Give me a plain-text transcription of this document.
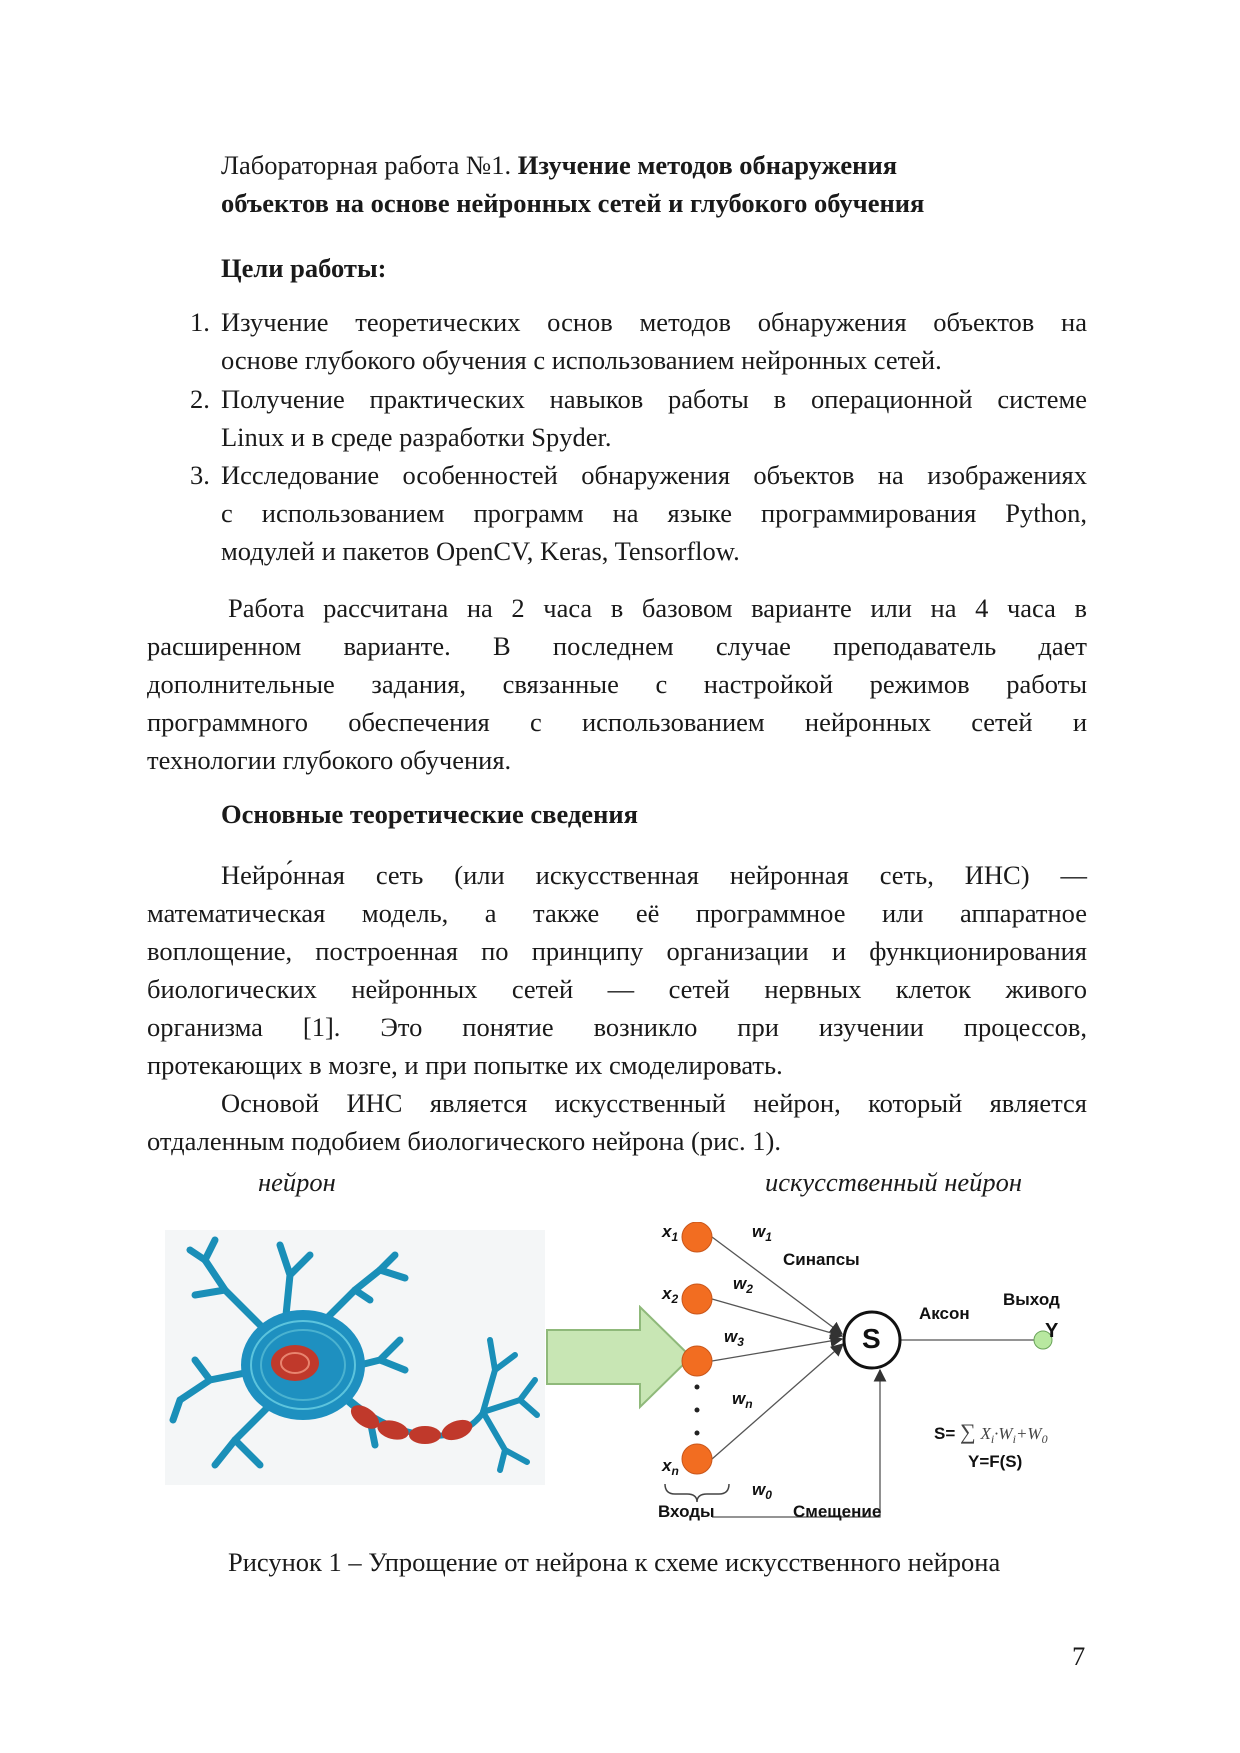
Лабораторная работа №1. Изучение методов обнаружения
объектов на основе нейронных сетей и глубокого обучения
Цели работы:
1. Изучение теоретических основ методов обнаружения объектов на
основе глубокого обучения с использованием нейронных сетей.
2. Получение практических навыков работы в операционной системе
Linux и в среде разработки Spyder.
3. Исследование особенностей обнаружения объектов на изображениях
с использованием программ на языке программирования Python,
модулей и пакетов OpenCV, Keras, Tensorflow.
Работа рассчитана на 2 часа в базовом варианте или на 4 часа в
расширенном варианте. В последнем случае преподаватель дает
дополнительные задания, связанные с настройкой режимов работы
программного обеспечения с использованием нейронных сетей и
технологии глубокого обучения.
Основные теоретические сведения
Нейро́нная сеть (или искусственная нейронная сеть, ИНС) —
математическая модель, а также её программное или аппаратное
воплощение, построенная по принципу организации и функционирования
биологических нейронных сетей — сетей нервных клеток живого
организма [1]. Это понятие возникло при изучении процессов,
протекающих в мозге, и при попытке их смоделировать.
Основой ИНС является искусственный нейрон, который является
отдаленным подобием биологического нейрона (рис. 1).
нейрон	искусственный нейрон
$x_1$
$x_2$
$x_n$
$w_1$
$w_2$
$w_3$
$w_n$
$w_0$
Синапсы
Аксон
Выход
Y
S
Входы	Смещение
S= ∑ $X_i\cdot W_i+W_0$
Y=F(S)
Рисунок 1 – Упрощение от нейрона к схеме искусственного нейрона
7
